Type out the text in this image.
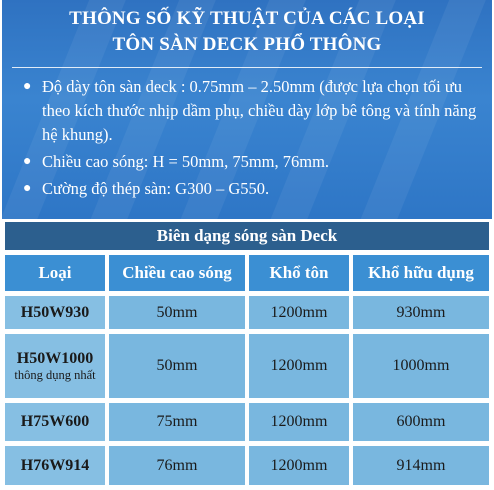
THÔNG SỐ KỸ THUẬT CỦA CÁC LOẠI
TÔN SÀN DECK PHỔ THÔNG
● Độ dày tôn sàn deck : 0.75mm – 2.50mm (được lựa chọn tối ưu theo kích thước nhịp dầm phụ, chiều dày lớp bê tông và tính năng hệ khung).
● Chiều cao sóng: H = 50mm, 75mm, 76mm.
● Cường độ thép sàn: G300 – G550.
Biên dạng sóng sàn Deck			
Loại	Chiều cao sóng	Khổ tôn	Khổ hữu dụng
H50W930	50mm	1200mm	930mm

H50W1000
thông dụng nhất	50mm	1200mm	1000mm
H75W600	75mm	1200mm	600mm
H76W914	76mm	1200mm	914mm
